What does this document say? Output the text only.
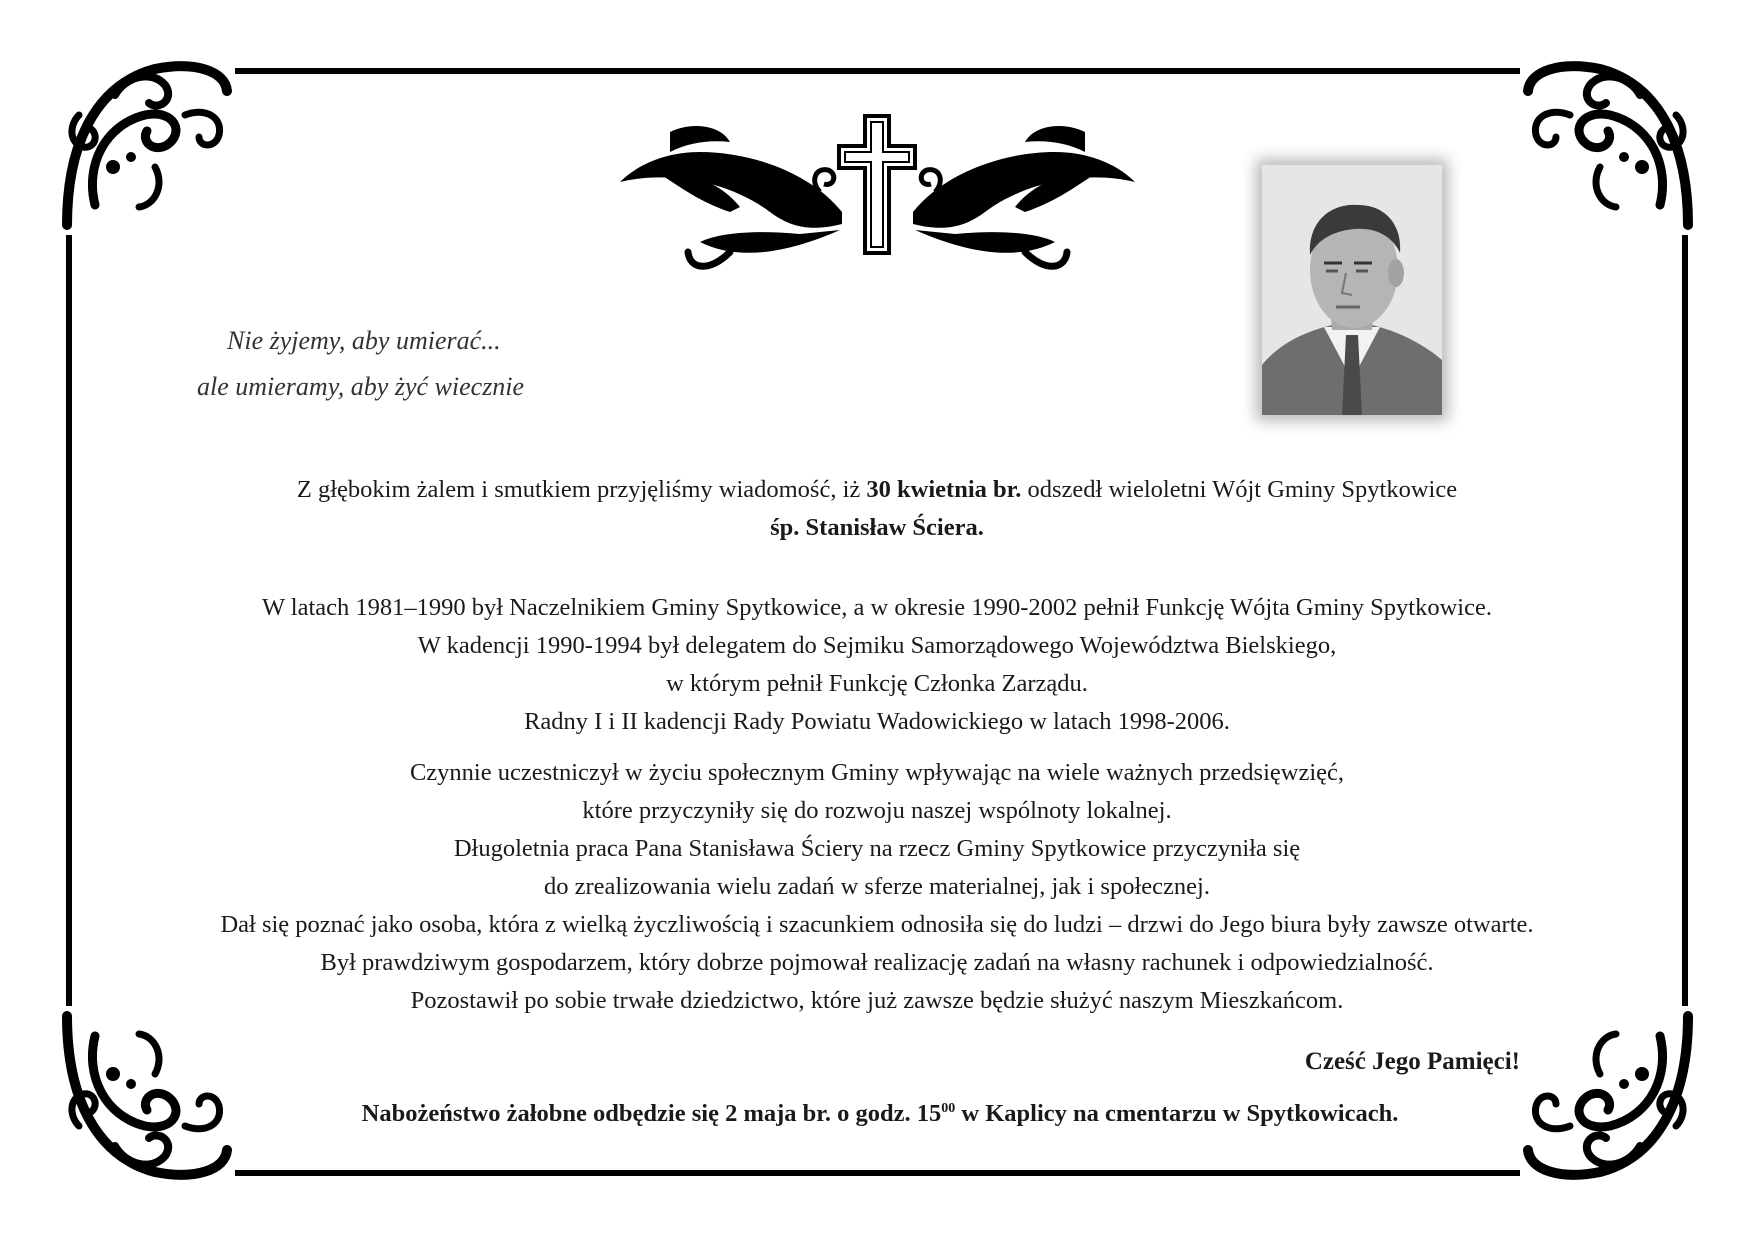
Nie żyjemy, aby umierać...
ale umieramy, aby żyć wiecznie

Z głębokim żalem i smutkiem przyjęliśmy wiadomość, iż 30 kwietnia br. odszedł wieloletni Wójt Gminy Spytkowice

śp. Stanisław Ściera.

W latach 1981–1990 był Naczelnikiem Gminy Spytkowice, a w okresie 1990-2002 pełnił Funkcję Wójta Gminy Spytkowice.

W kadencji 1990-1994 był delegatem do Sejmiku Samorządowego Województwa Bielskiego,

w którym pełnił Funkcję Członka Zarządu.

Radny I i II kadencji Rady Powiatu Wadowickiego w latach 1998-2006.

Czynnie uczestniczył w życiu społecznym Gminy wpływając na wiele ważnych przedsięwzięć,

które przyczyniły się do rozwoju naszej wspólnoty lokalnej.

Długoletnia praca Pana Stanisława Ściery na rzecz Gminy Spytkowice przyczyniła się

do zrealizowania wielu zadań w sferze materialnej, jak i społecznej.

Dał się poznać jako osoba, która z wielką życzliwością i szacunkiem odnosiła się do ludzi – drzwi do Jego biura były zawsze otwarte.

Był prawdziwym gospodarzem, który dobrze pojmował realizację zadań na własny rachunek i odpowiedzialność.

Pozostawił po sobie trwałe dziedzictwo, które już zawsze będzie służyć naszym Mieszkańcom.

Cześć Jego Pamięci!
Nabożeństwo żałobne odbędzie się 2 maja br. o godz. $15^{00}$ w Kaplicy na cmentarzu w Spytkowicach.
